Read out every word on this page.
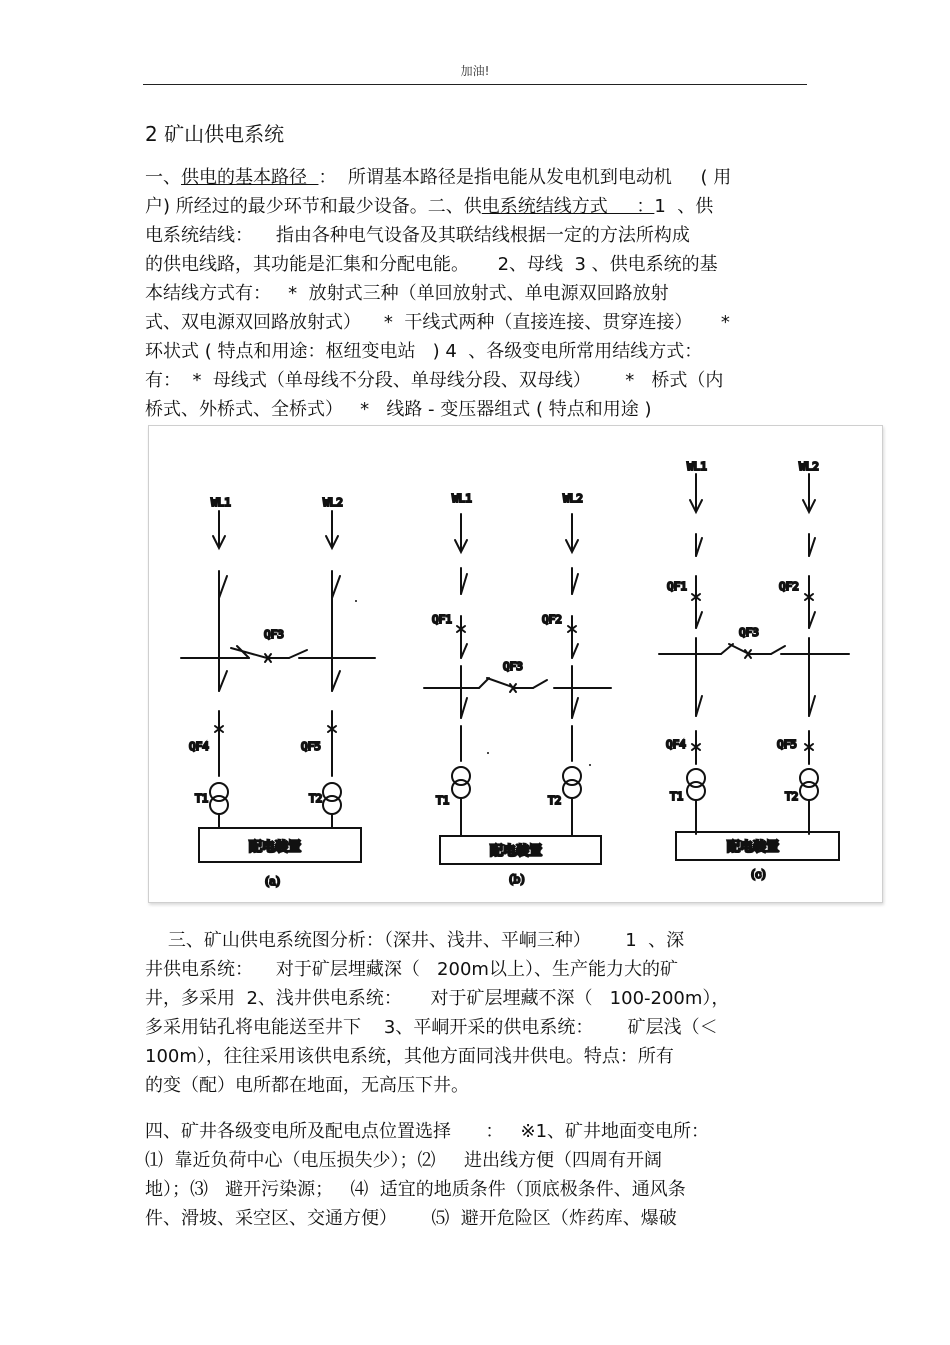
加油!
2 矿山供电系统
一、供电的基本路径  ：  所谓基本路径是指电能从发电机到电动机     ( 用
户) 所经过的最少环节和最少设备。二、供电系统结线方式     ：1  、供
电系统结线：    指由各种电气设备及其联结线根据一定的方法所构成
的供电线路，其功能是汇集和分配电能。     2、母线  3 、供电系统的基
本结线方式有：   *  放射式三种（单回放射式、单电源双回路放射
式、双电源双回路放射式）    *  干线式两种（直接连接、贯穿连接）     *
环状式 ( 特点和用途：枢纽变电站   ) 4  、各级变电所常用结线方式：
有：  *  母线式（单母线不分段、单母线分段、双母线）      *   桥式（内
桥式、外桥式、全桥式）   *   线路 - 变压器组式 ( 特点和用途 )
WL1	WL2
QF3
QF4	QF5
T1	T2
配电装置
(a)
WL1	WL2
QF1	QF2
QF3
T1	T2
配电装置
(b)
WL1	WL2
QF1	QF2
QF3
QF4	QF5
T1	T2
配电装置
(c)
三、矿山供电系统图分析：（深井、浅井、平峒三种）      1  、深
井供电系统：    对于矿层埋藏深（   200m以上）、生产能力大的矿
井，多采用  2、浅井供电系统：     对于矿层埋藏不深（   100-200m），
多采用钻孔将电能送至井下    3、平峒开采的供电系统：      矿层浅（＜
100m），往往采用该供电系统，其他方面同浅井供电。特点：所有
的变（配）电所都在地面，无高压下井。
四、矿井各级变电所及配电点位置选择      ：   ※1、矿井地面变电所：
⑴  靠近负荷中心（电压损失少）；⑵     进出线方便（四周有开阔
地）；⑶   避开污染源；   ⑷  适宜的地质条件（顶底极条件、通风条
件、滑坡、采空区、交通方便）      ⑸  避开危险区（炸药库、爆破
